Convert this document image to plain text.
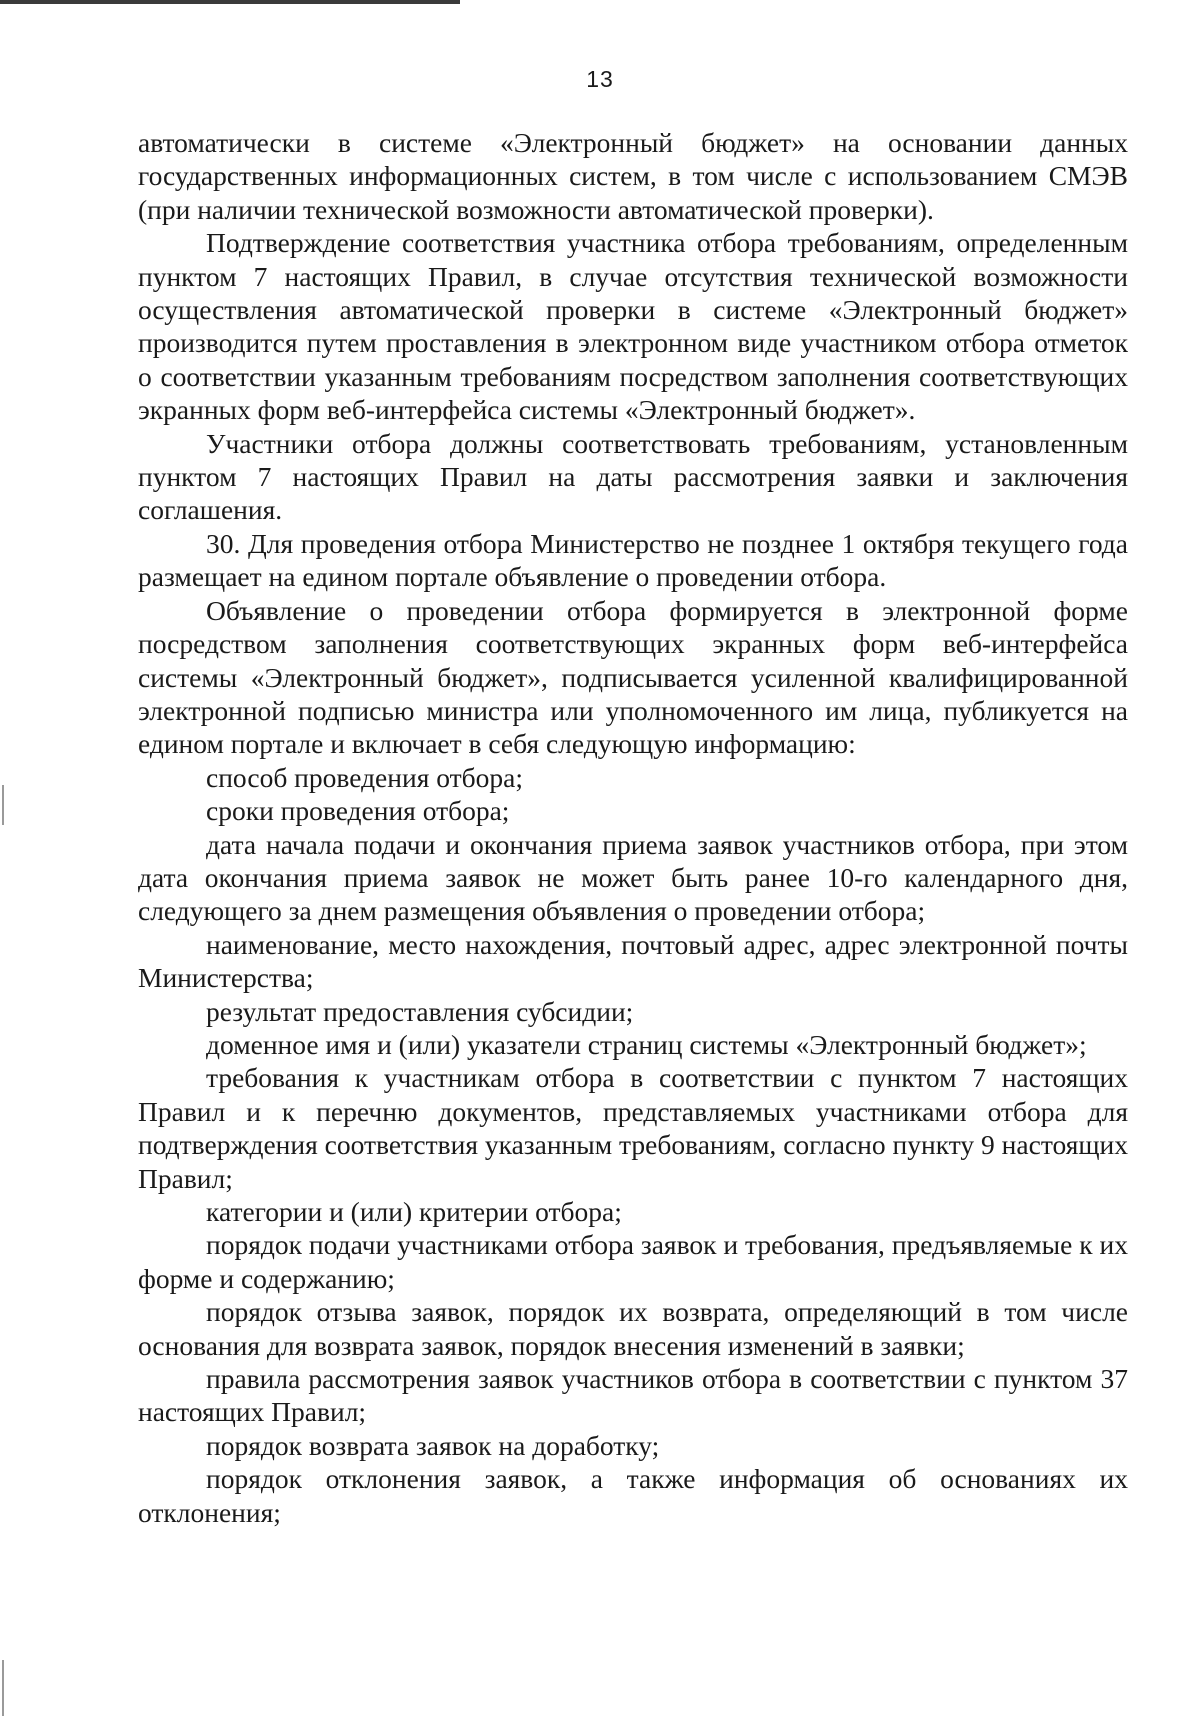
13

автоматически в системе «Электронный бюджет» на основании данных государственных информационных систем, в том числе с использованием СМЭВ (при наличии технической возможности автоматической проверки).

Подтверждение соответствия участника отбора требованиям, определенным пунктом 7 настоящих Правил, в случае отсутствия технической возможности осуществления автоматической проверки в системе «Электронный бюджет» производится путем проставления в электронном виде участником отбора отметок о соответствии указанным требованиям посредством заполнения соответствующих экранных форм веб-интерфейса системы «Электронный бюджет».

Участники отбора должны соответствовать требованиям, установленным пунктом 7 настоящих Правил на даты рассмотрения заявки и заключения соглашения.

30. Для проведения отбора Министерство не позднее 1 октября текущего года размещает на едином портале объявление о проведении отбора.

Объявление о проведении отбора формируется в электронной форме посредством заполнения соответствующих экранных форм веб-интерфейса системы «Электронный бюджет», подписывается усиленной квалифицированной электронной подписью министра или уполномоченного им лица, публикуется на едином портале и включает в себя следующую информацию:

способ проведения отбора;

сроки проведения отбора;

дата начала подачи и окончания приема заявок участников отбора, при этом дата окончания приема заявок не может быть ранее 10-го календарного дня, следующего за днем размещения объявления о проведении отбора;

наименование, место нахождения, почтовый адрес, адрес электронной почты Министерства;

результат предоставления субсидии;

доменное имя и (или) указатели страниц системы «Электронный бюджет»;

требования к участникам отбора в соответствии с пунктом 7 настоящих Правил и к перечню документов, представляемых участниками отбора для подтверждения соответствия указанным требованиям, согласно пункту 9 настоящих Правил;

категории и (или) критерии отбора;

порядок подачи участниками отбора заявок и требования, предъявляемые к их форме и содержанию;

порядок отзыва заявок, порядок их возврата, определяющий в том числе основания для возврата заявок, порядок внесения изменений в заявки;

правила рассмотрения заявок участников отбора в соответствии с пунктом 37 настоящих Правил;

порядок возврата заявок на доработку;

порядок отклонения заявок, а также информация об основаниях их отклонения;
